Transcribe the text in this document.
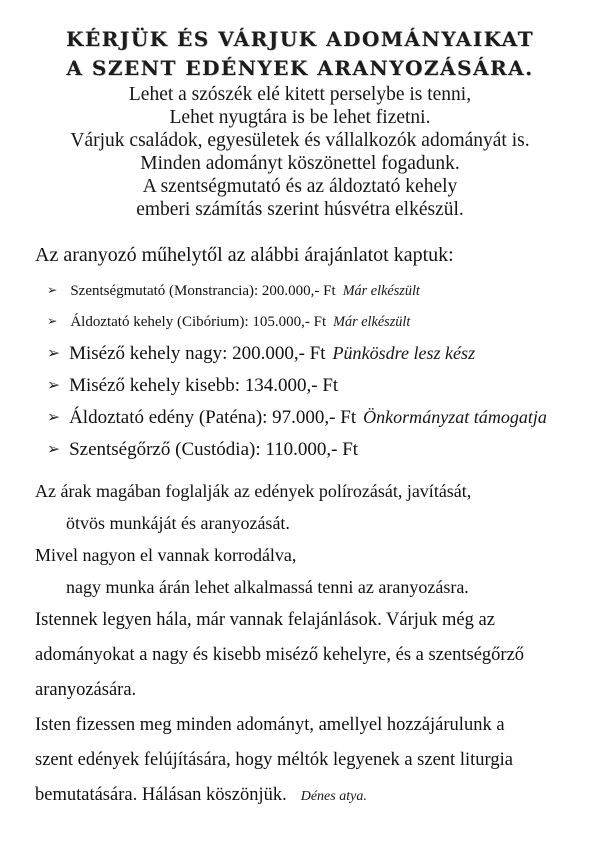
KÉRJÜK ÉS VÁRJUK ADOMÁNYAIKAT
A SZENT EDÉNYEK ARANYOZÁSÁRA.
Lehet a szószék elé kitett perselybe is tenni,
Lehet nyugtára is be lehet fizetni.
Várjuk családok, egyesületek és vállalkozók adományát is.
Minden adományt köszönettel fogadunk.
A szentségmutató és az áldoztató kehely
emberi számítás szerint húsvétra elkészül.
Az aranyozó műhelytől az alábbi árajánlatot kaptuk:
➢ Szentségmutató (Monstrancia): 200.000,- Ft Már elkészült
➢ Áldoztató kehely (Cibórium): 105.000,- Ft Már elkészült
➢ Miséző kehely nagy: 200.000,- Ft Pünkösdre lesz kész
➢ Miséző kehely kisebb: 134.000,- Ft
➢ Áldoztató edény (Paténa): 97.000,- Ft Önkormányzat támogatja
➢ Szentségőrző (Custódia): 110.000,- Ft

Az árak magában foglalják az edények polírozását, javítását,

ötvös munkáját és aranyozását.

Mivel nagyon el vannak korrodálva,

nagy munka árán lehet alkalmassá tenni az aranyozásra.

Istennek legyen hála, már vannak felajánlások. Várjuk még az

adományokat a nagy és kisebb miséző kehelyre, és a szentségőrző

aranyozására.

Isten fizessen meg minden adományt, amellyel hozzájárulunk a

szent edények felújítására, hogy méltók legyenek a szent liturgia

bemutatására. Hálásan köszönjük. Dénes atya.
